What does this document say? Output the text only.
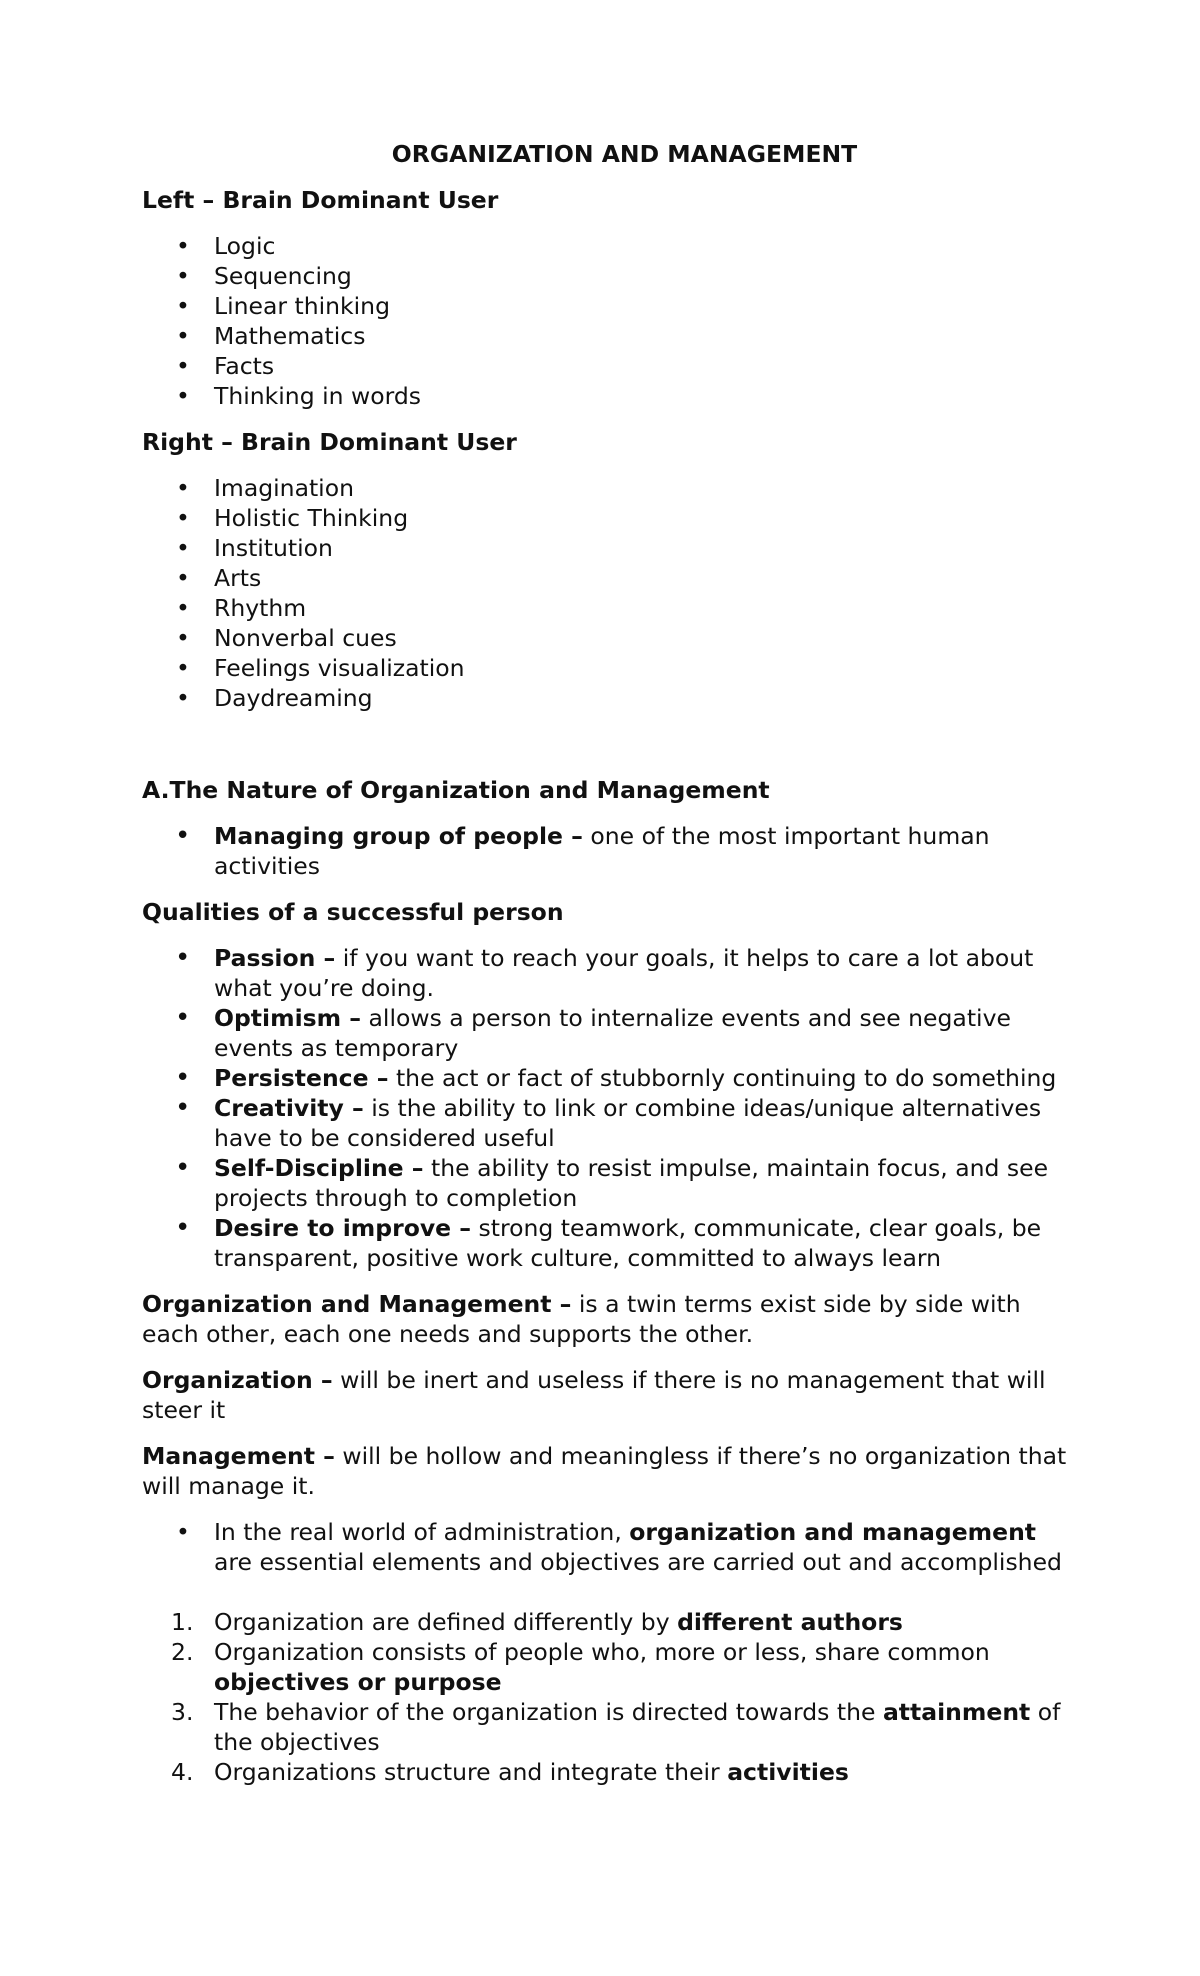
ORGANIZATION AND MANAGEMENT
Left – Brain Dominant User
• Logic
• Sequencing
• Linear thinking
• Mathematics
• Facts
• Thinking in words
Right – Brain Dominant User
• Imagination
• Holistic Thinking
• Institution
• Arts
• Rhythm
• Nonverbal cues
• Feelings visualization
• Daydreaming
A.The Nature of Organization and Management
• Managing group of people – one of the most important human activities
Qualities of a successful person
• Passion – if you want to reach your goals, it helps to care a lot about what you’re doing.
• Optimism – allows a person to internalize events and see negative events as temporary
• Persistence – the act or fact of stubbornly continuing to do something
• Creativity – is the ability to link or combine ideas/unique alternatives have to be considered useful
• Self-Discipline – the ability to resist impulse, maintain focus, and see projects through to completion
• Desire to improve – strong teamwork, communicate, clear goals, be transparent, positive work culture, committed to always learn
Organization and Management – is a twin terms exist side by side with each other, each one needs and supports the other.
Organization – will be inert and useless if there is no management that will steer it
Management – will be hollow and meaningless if there’s no organization that will manage it.
• In the real world of administration, organization and management are essential elements and objectives are carried out and accomplished
1. Organization are defined differently by different authors
2. Organization consists of people who, more or less, share common objectives or purpose
3. The behavior of the organization is directed towards the attainment of the objectives
4. Organizations structure and integrate their activities
